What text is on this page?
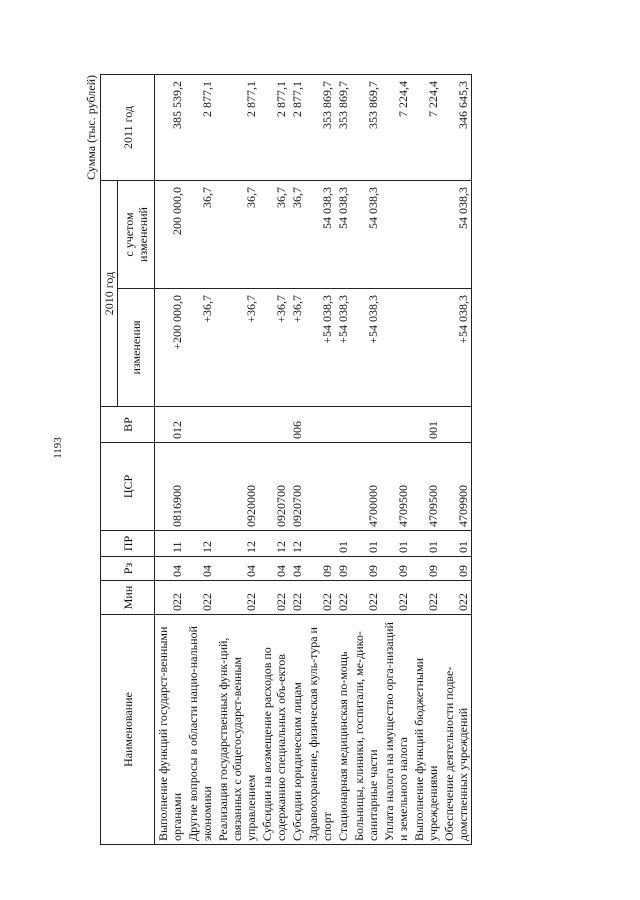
1193
Сумма (тыс. рублей)
Наименование	Мин	Рз	ПР	ЦСР	ВР	2010 год		2011 год
						изменения	с учетом изменений	
Выполнение функций государст-венными органами	022	04	11	0816900	012	+200 000,0	200 000,0	385 539,2
Другие вопросы в области нацио-нальной экономики	022	04	12			+36,7	36,7	2 877,1
Реализация государственных функ-ций, связанных с общегосударст-венным управлением	022	04	12	0920000		+36,7	36,7	2 877,1
Субсидии на возмещение расходов по содержанию специальных объ-ектов	022	04	12	0920700		+36,7	36,7	2 877,1
Субсидии юридическим лицам	022	04	12	0920700	006	+36,7	36,7	2 877,1
Здравоохранение, физическая куль-тура и спорт	022	09				+54 038,3	54 038,3	353 869,7
Стационарная медицинская по-мощь	022	09	01			+54 038,3	54 038,3	353 869,7
Больницы, клиники, госпитали, ме-дико-санитарные части	022	09	01	4700000		+54 038,3	54 038,3	353 869,7
Уплата налога на имущество орга-низаций и земельного налога	022	09	01	4709500				7 224,4
Выполнение функций бюджетными учреждениями	022	09	01	4709500	001			7 224,4
Обеспечение деятельности подве-домственных учреждений	022	09	01	4709900		+54 038,3	54 038,3	346 645,3
